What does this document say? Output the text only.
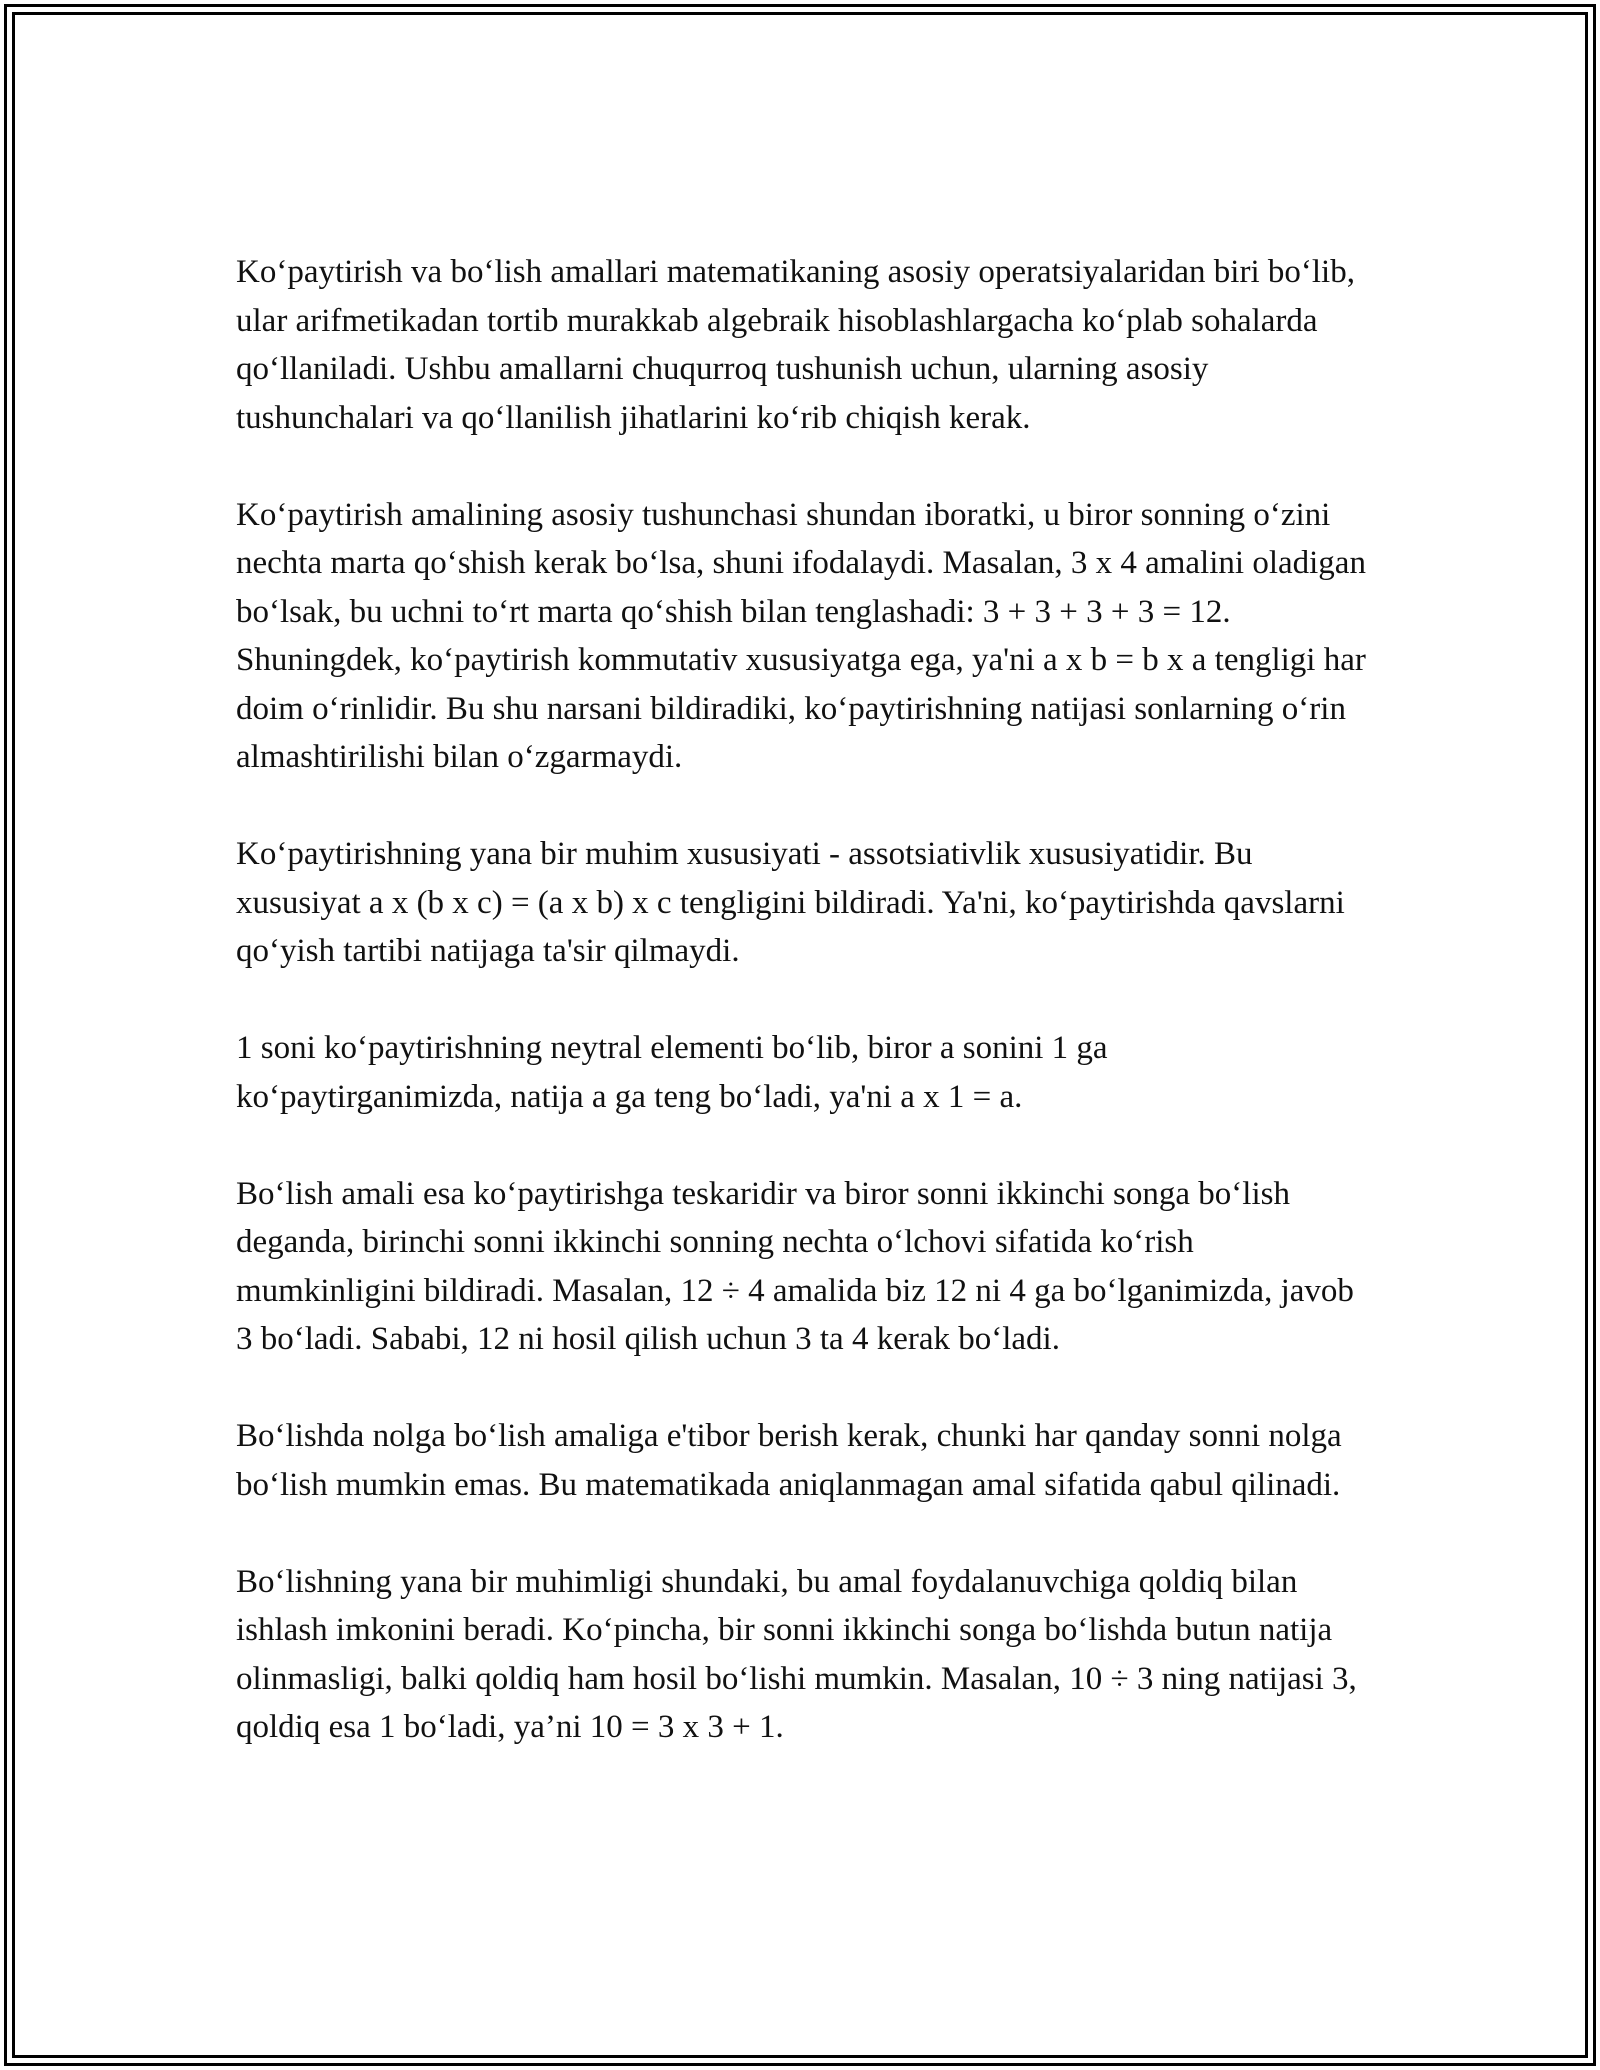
Ko‘paytirish va bo‘lish amallari matematikaning asosiy operatsiyalaridan biri bo‘lib, ular arifmetikadan tortib murakkab algebraik hisoblashlargacha ko‘plab sohalarda qo‘llaniladi. Ushbu amallarni chuqurroq tushunish uchun, ularning asosiy tushunchalari va qo‘llanilish jihatlarini ko‘rib chiqish kerak.

Ko‘paytirish amalining asosiy tushunchasi shundan iboratki, u biror sonning o‘zini nechta marta qo‘shish kerak bo‘lsa, shuni ifodalaydi. Masalan, 3 x 4 amalini oladigan bo‘lsak, bu uchni to‘rt marta qo‘shish bilan tenglashadi: 3 + 3 + 3 + 3 = 12. Shuningdek, ko‘paytirish kommutativ xususiyatga ega, ya'ni a x b = b x a tengligi har doim o‘rinlidir. Bu shu narsani bildiradiki, ko‘paytirishning natijasi sonlarning o‘rin almashtirilishi bilan o‘zgarmaydi.

Ko‘paytirishning yana bir muhim xususiyati - assotsiativlik xususiyatidir. Bu xususiyat a x (b x c) = (a x b) x c tengligini bildiradi. Ya'ni, ko‘paytirishda qavslarni qo‘yish tartibi natijaga ta'sir qilmaydi.

1 soni ko‘paytirishning neytral elementi bo‘lib, biror a sonini 1 ga ko‘paytirganimizda, natija a ga teng bo‘ladi, ya'ni a x 1 = a.

Bo‘lish amali esa ko‘paytirishga teskaridir va biror sonni ikkinchi songa bo‘lish deganda, birinchi sonni ikkinchi sonning nechta o‘lchovi sifatida ko‘rish mumkinligini bildiradi. Masalan, 12 ÷ 4 amalida biz 12 ni 4 ga bo‘lganimizda, javob 3 bo‘ladi. Sababi, 12 ni hosil qilish uchun 3 ta 4 kerak bo‘ladi.

Bo‘lishda nolga bo‘lish amaliga e'tibor berish kerak, chunki har qanday sonni nolga bo‘lish mumkin emas. Bu matematikada aniqlanmagan amal sifatida qabul qilinadi.

Bo‘lishning yana bir muhimligi shundaki, bu amal foydalanuvchiga qoldiq bilan ishlash imkonini beradi. Ko‘pincha, bir sonni ikkinchi songa bo‘lishda butun natija olinmasligi, balki qoldiq ham hosil bo‘lishi mumkin. Masalan, 10 ÷ 3 ning natijasi 3, qoldiq esa 1 bo‘ladi, ya’ni 10 = 3 x 3 + 1.
